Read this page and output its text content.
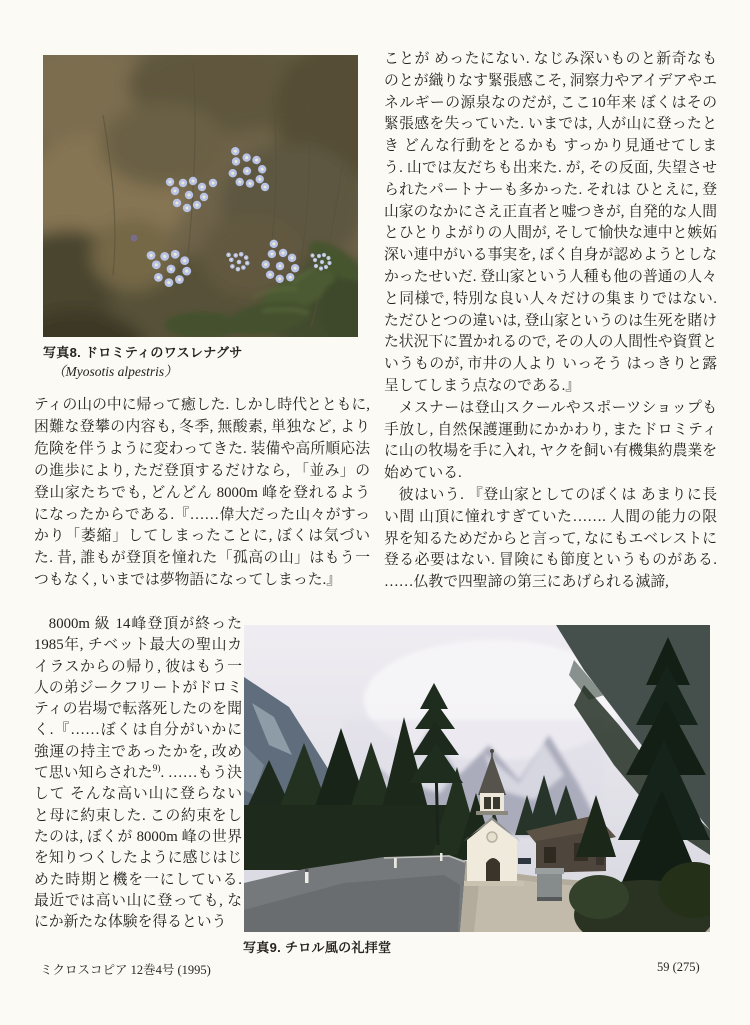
写真8. ドロミティのワスレナグサ
（Myosotis alpestris）

ことが めったにない. なじみ深いものと新奇なものとが織りなす緊張感こそ, 洞察力やアイデアやエネルギーの源泉なのだが, ここ10年来 ぼくはその緊張感を失っていた. いまでは, 人が山に登ったとき どんな行動をとるかも すっかり見通せてしまう. 山では友だちも出来た. が, その反面, 失望させられたパートナーも多かった. それは ひとえに, 登山家のなかにさえ正直者と嘘つきが, 自発的な人間とひとりよがりの人間が, そして愉快な連中と嫉妬深い連中がいる事実を, ぼく自身が認めようとしなかったせいだ. 登山家という人種も他の普通の人々と同様で, 特別な良い人々だけの集まりではない. ただひとつの違いは, 登山家というのは生死を賭けた状況下に置かれるので, その人の人間性や資質というものが, 市井の人より いっそう はっきりと露呈してしまう点なのである.』

メスナーは登山スクールやスポーツショップも手放し, 自然保護運動にかかわり, またドロミティに山の牧場を手に入れ, ヤクを飼い有機集約農業を始めている.

彼はいう. 『登山家としてのぼくは あまりに長い間 山頂に憧れすぎていた……. 人間の能力の限界を知るためだからと言って, なにもエベレストに登る必要はない. 冒険にも節度というものがある. ……仏教で四聖諦の第三にあげられる滅諦,

ティの山の中に帰って癒した. しかし時代とともに, 困難な登攀の内容も, 冬季, 無酸素, 単独など, より危険を伴うように変わってきた. 装備や高所順応法の進歩により, ただ登頂するだけなら, 「並み」の登山家たちでも, どんどん 8000m 峰を登れるようになったからである.『……偉大だった山々がすっかり「萎縮」してしまったことに, ぼくは気づいた. 昔, 誰もが登頂を憧れた「孤高の山」はもう一つもなく, いまでは夢物語になってしまった.』

8000m 級 14峰登頂が終った1985年, チベット最大の聖山カイラスからの帰り, 彼はもう一人の弟ジークフリートがドロミティの岩場で転落死したのを聞く.『……ぼくは自分がいかに強運の持主であったかを, 改めて思い知らされた$^{9)}$. ……もう決して そんな高い山に登らないと母に約束した. この約束をしたのは, ぼくが 8000m 峰の世界を知りつくしたように感じはじめた時期と機を一にしている. 最近では高い山に登っても, なにか新たな体験を得るという

写真9. チロル風の礼拝堂
ミクロスコピア 12巻4号 (1995)	59 (275)
